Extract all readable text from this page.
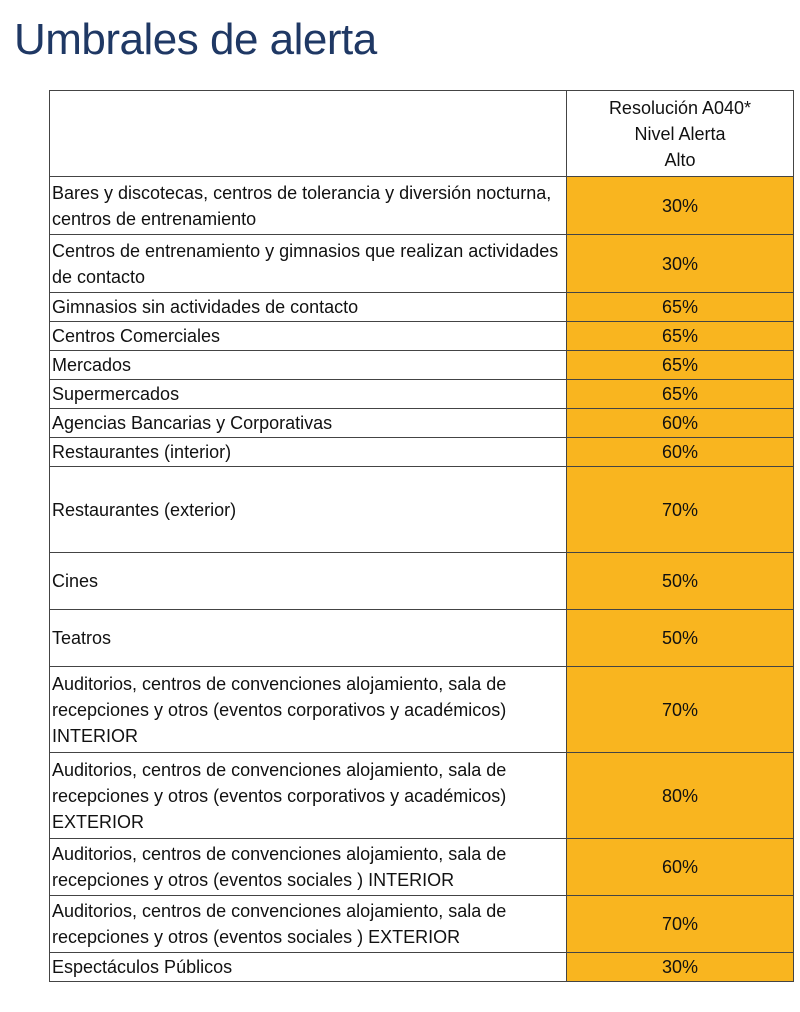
Umbrales de alerta

	Resolución A040*
Nivel Alerta
Alto

Bares y discotecas, centros de tolerancia y diversión nocturna, centros de entrenamiento	30%
Centros de entrenamiento y gimnasios que realizan actividades de contacto	30%
Gimnasios sin actividades de contacto	65%
Centros Comerciales	65%
Mercados	65%
Supermercados	65%
Agencias Bancarias y Corporativas	60%
Restaurantes (interior)	60%
Restaurantes (exterior)	70%
Cines	50%
Teatros	50%
Auditorios, centros de convenciones alojamiento, sala de recepciones y otros (eventos corporativos y académicos) INTERIOR	70%
Auditorios, centros de convenciones alojamiento, sala de recepciones y otros (eventos corporativos y académicos) EXTERIOR	80%
Auditorios, centros de convenciones alojamiento, sala de recepciones y otros (eventos sociales ) INTERIOR	60%
Auditorios, centros de convenciones alojamiento, sala de recepciones y otros (eventos sociales ) EXTERIOR	70%
Espectáculos Públicos	30%
